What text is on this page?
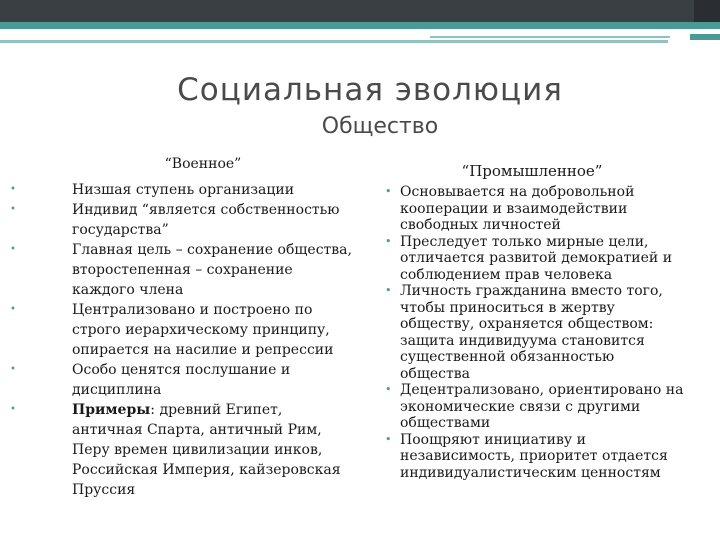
Социальная эволюция
Общество
“Военное”	“Промышленное”
•	Низшая ступень организации
•	Индивид “является собственностью государства”
•	Главная цель – сохранение общества, второстепенная – сохранение каждого члена
•	Централизовано и построено по строго иерархическому принципу, опирается на насилие и репрессии
•	Особо ценятся послушание и дисциплина
•	Примеры: древний Египет, античная Спарта, античный Рим, Перу времен цивилизации инков, Российская Империя, кайзеровская Пруссия
• Основывается на добровольной кооперации и взаимодействии свободных личностей
• Преследует только мирные цели, отличается развитой демократией и соблюдением прав человека
• Личность гражданина вместо того, чтобы приноситься в жертву обществу, охраняется обществом: защита индивидуума становится существенной обязанностью общества
• Децентрализовано, ориентировано на экономические связи с другими обществами
• Поощряют инициативу и независимость, приоритет отдается индивидуалистическим ценностям
